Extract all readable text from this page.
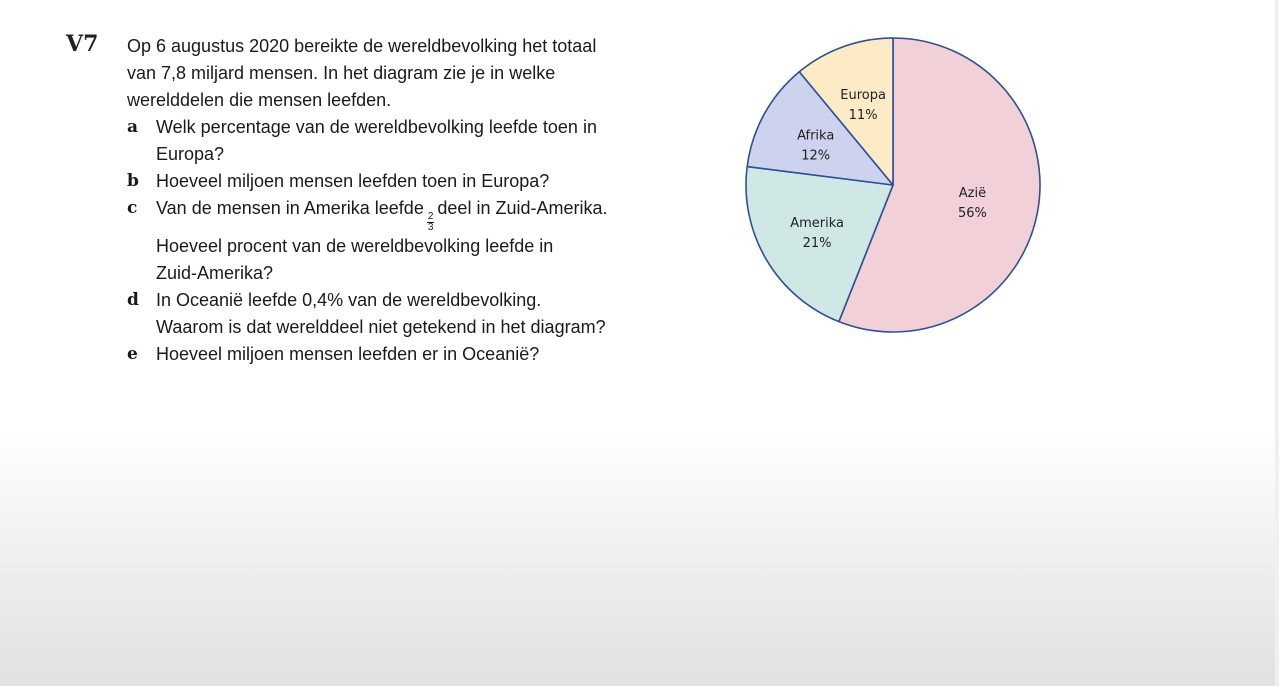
V7 Op 6 augustus 2020 bereikte de wereldbevolking het totaal
van 7,8 miljard mensen. In het diagram zie je in welke
werelddelen die mensen leefden.
a Welk percentage van de wereldbevolking leefde toen in
Europa?
b Hoeveel miljoen mensen leefden toen in Europa?
c Van de mensen in Amerika leefde
$\frac{2}{3}$
deel in Zuid-Amerika.
Hoeveel procent van de wereldbevolking leefde in
Zuid-Amerika?
d In Oceanië leefde 0,4% van de wereldbevolking.
Waarom is dat werelddeel niet getekend in het diagram?
e Hoeveel miljoen mensen leefden er in Oceanië?
Azië
56%
Amerika
21%
Afrika
12%
Europa
11%
